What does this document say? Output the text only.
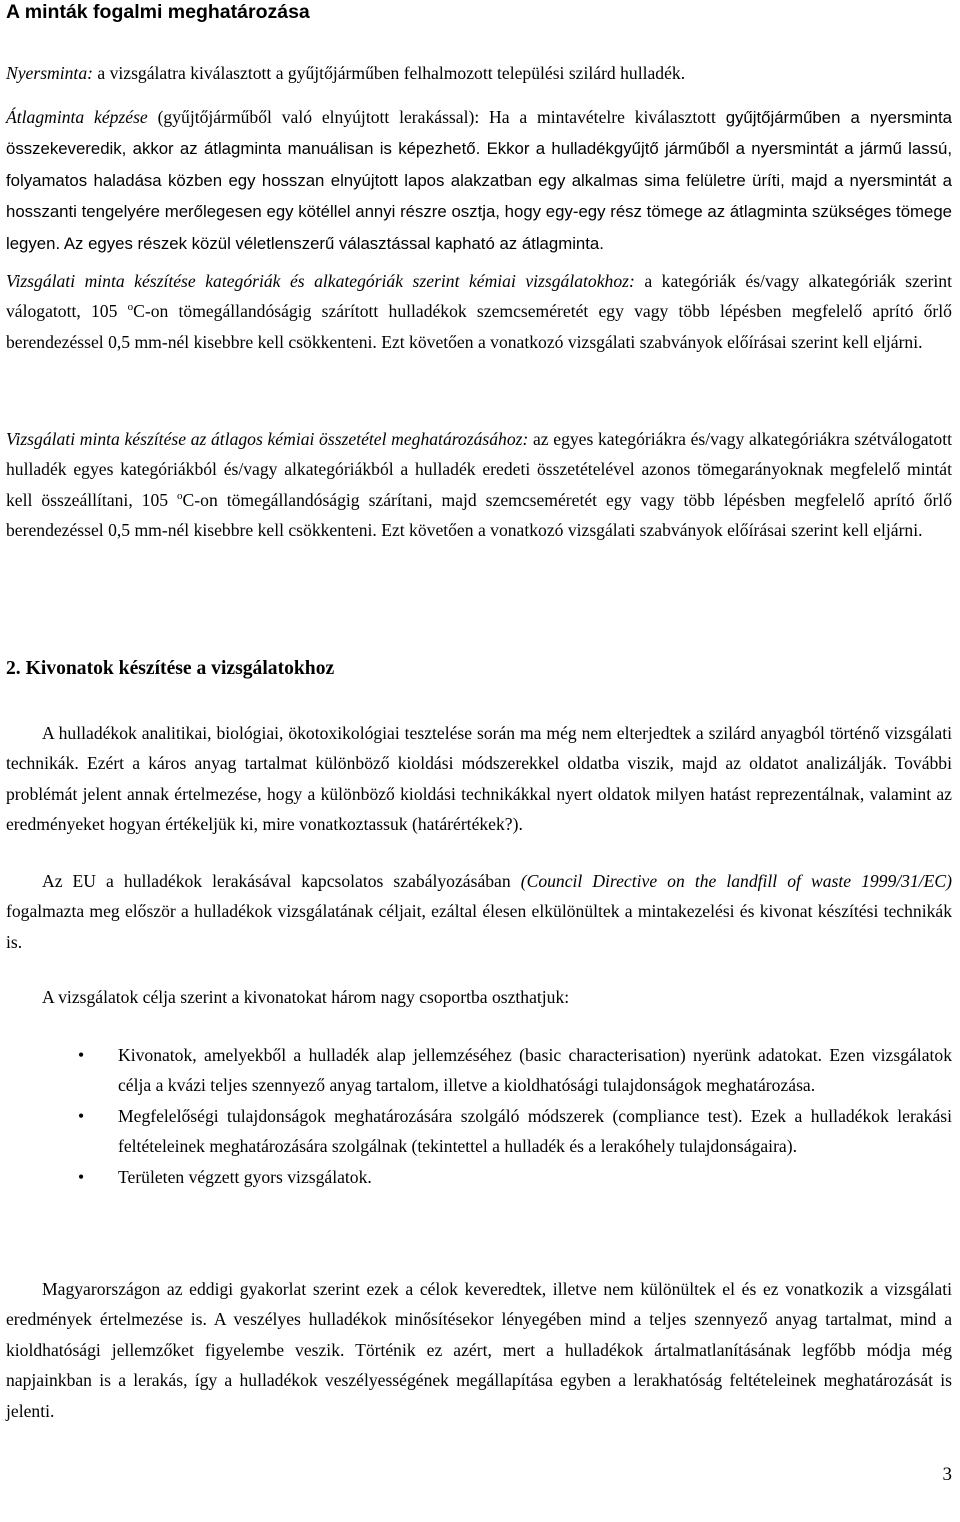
A minták fogalmi meghatározása

Nyersminta: a vizsgálatra kiválasztott a gyűjtőjárműben felhalmozott települési szilárd hulladék.

Átlagminta képzése (gyűjtőjárműből való elnyújtott lerakással): Ha a mintavételre kiválasztott gyűjtőjárműben a nyersminta összekeveredik, akkor az átlagminta manuálisan is képezhető. Ekkor a hulladékgyűjtő járműből a nyersmintát a jármű lassú, folyamatos haladása közben egy hosszan elnyújtott lapos alakzatban egy alkalmas sima felületre üríti, majd a nyersmintát a hosszanti tengelyére merőlegesen egy kötéllel annyi részre osztja, hogy egy-egy rész tömege az átlagminta szükséges tömege legyen. Az egyes részek közül véletlenszerű választással kapható az átlagminta.

Vizsgálati minta készítése kategóriák és alkategóriák szerint kémiai vizsgálatokhoz: a kategóriák és/vagy alkategóriák szerint válogatott, 105 $^o$C-on tömegállandóságig szárított hulladékok szemcseméretét egy vagy több lépésben megfelelő aprító őrlő berendezéssel 0,5 mm-nél kisebbre kell csökkenteni. Ezt követően a vonatkozó vizsgálati szabványok előírásai szerint kell eljárni.

Vizsgálati minta készítése az átlagos kémiai összetétel meghatározásához: az egyes kategóriákra és/vagy alkategóriákra szétválogatott hulladék egyes kategóriákból és/vagy alkategóriákból a hulladék eredeti összetételével azonos tömegarányoknak megfelelő mintát kell összeállítani, 105 $^o$C-on tömegállandóságig szárítani, majd szemcseméretét egy vagy több lépésben megfelelő aprító őrlő berendezéssel 0,5 mm-nél kisebbre kell csökkenteni. Ezt követően a vonatkozó vizsgálati szabványok előírásai szerint kell eljárni.

2. Kivonatok készítése a vizsgálatokhoz

A hulladékok analitikai, biológiai, ökotoxikológiai tesztelése során ma még nem elterjedtek a szilárd anyagból történő vizsgálati technikák. Ezért a káros anyag tartalmat különböző kioldási módszerekkel oldatba viszik, majd az oldatot analizálják. További problémát jelent annak értelmezése, hogy a különböző kioldási technikákkal nyert oldatok milyen hatást reprezentálnak, valamint az eredményeket hogyan értékeljük ki, mire vonatkoztassuk (határértékek?).

Az EU a hulladékok lerakásával kapcsolatos szabályozásában (Council Directive on the landfill of waste 1999/31/EC) fogalmazta meg először a hulladékok vizsgálatának céljait, ezáltal élesen elkülönültek a mintakezelési és kivonat készítési technikák is.

A vizsgálatok célja szerint a kivonatokat három nagy csoportba oszthatjuk:

• Kivonatok, amelyekből a hulladék alap jellemzéséhez (basic characterisation) nyerünk adatokat. Ezen vizsgálatok célja a kvázi teljes szennyező anyag tartalom, illetve a kioldhatósági tulajdonságok meghatározása.
• Megfelelőségi tulajdonságok meghatározására szolgáló módszerek (compliance test). Ezek a hulladékok lerakási feltételeinek meghatározására szolgálnak (tekintettel a hulladék és a lerakóhely tulajdonságaira).
• Területen végzett gyors vizsgálatok.

Magyarországon az eddigi gyakorlat szerint ezek a célok keveredtek, illetve nem különültek el és ez vonatkozik a vizsgálati eredmények értelmezése is. A veszélyes hulladékok minősítésekor lényegében mind a teljes szennyező anyag tartalmat, mind a kioldhatósági jellemzőket figyelembe veszik. Történik ez azért, mert a hulladékok ártalmatlanításának legfőbb módja még napjainkban is a lerakás, így a hulladékok veszélyességének megállapítása egyben a lerakhatóság feltételeinek meghatározását is jelenti.

3
